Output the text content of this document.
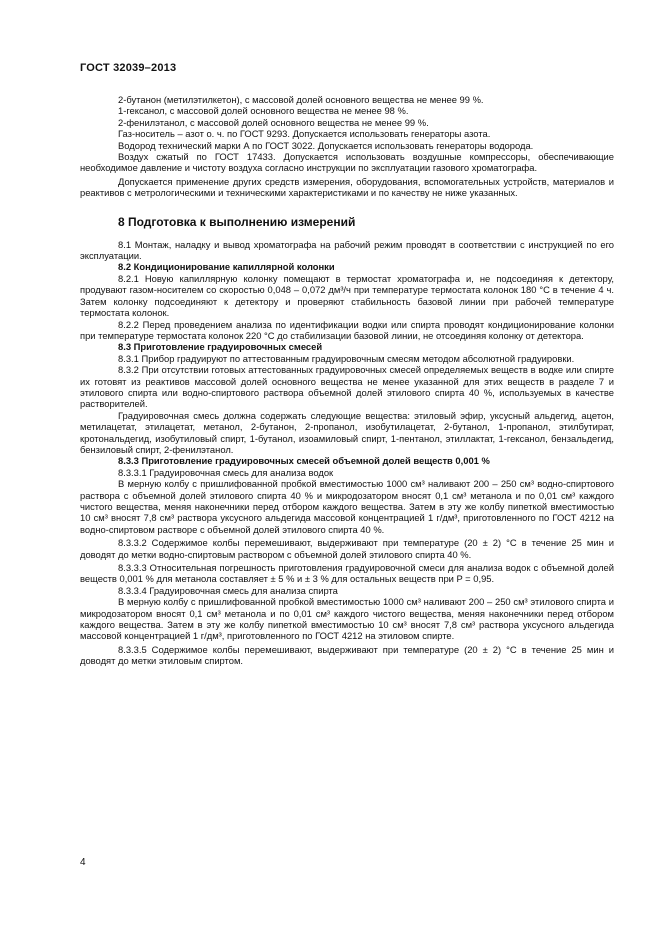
ГОСТ 32039–2013

2-бутанон (метилэтилкетон), с массовой долей основного вещества не менее 99 %.

1-гексанол, с массовой долей основного вещества не менее 98 %.

2-фенилэтанол, с массовой долей основного вещества не менее 99 %.

Газ-носитель – азот о. ч. по ГОСТ 9293. Допускается использовать генераторы азота.

Водород технический марки А по ГОСТ 3022. Допускается использовать генераторы водорода.

Воздух сжатый по ГОСТ 17433. Допускается использовать воздушные компрессоры, обеспечивающие необходимое давление и чистоту воздуха согласно инструкции по эксплуатации газового хроматографа.

Допускается применение других средств измерения, оборудования, вспомогательных устройств, материалов и реактивов с метрологическими и техническими характеристиками и по качеству не ниже указанных.

8 Подготовка к выполнению измерений

8.1 Монтаж, наладку и вывод хроматографа на рабочий режим проводят в соответствии с инструкцией по его эксплуатации.

8.2 Кондиционирование капиллярной колонки

8.2.1 Новую капиллярную колонку помещают в термостат хроматографа и, не подсоединяя к детектору, продувают газом-носителем со скоростью 0,048 – 0,072 дм³/ч при температуре термостата колонок 180 °С в течение 4 ч. Затем колонку подсоединяют к детектору и проверяют стабильность базовой линии при рабочей температуре термостата колонок.

8.2.2 Перед проведением анализа по идентификации водки или спирта проводят кондиционирование колонки при температуре термостата колонок 220 °С до стабилизации базовой линии, не отсоединяя колонку от детектора.

8.3 Приготовление градуировочных смесей

8.3.1 Прибор градуируют по аттестованным градуировочным смесям методом абсолютной градуировки.

8.3.2 При отсутствии готовых аттестованных градуировочных смесей определяемых веществ в водке или спирте их готовят из реактивов массовой долей основного вещества не менее указанной для этих веществ в разделе 7 и этилового спирта или водно-спиртового раствора объемной долей этилового спирта 40 %, используемых в качестве растворителей.

Градуировочная смесь должна содержать следующие вещества: этиловый эфир, уксусный альдегид, ацетон, метилацетат, этилацетат, метанол, 2-бутанон, 2-пропанол, изобутилацетат, 2-бутанол, 1-пропанол, этилбутират, кротональдегид, изобутиловый спирт, 1-бутанол, изоамиловый спирт, 1-пентанол, этиллактат, 1-гексанол, бензальдегид, бензиловый спирт, 2-фенилэтанол.

8.3.3 Приготовление градуировочных смесей объемной долей веществ 0,001 %

8.3.3.1 Градуировочная смесь для анализа водок

В мерную колбу с пришлифованной пробкой вместимостью 1000 см³ наливают 200 – 250 см³ водно-спиртового раствора с объемной долей этилового спирта 40 % и микродозатором вносят 0,1 см³ метанола и по 0,01 см³ каждого чистого вещества, меняя наконечники перед отбором каждого вещества. Затем в эту же колбу пипеткой вместимостью 10 см³ вносят 7,8 см³ раствора уксусного альдегида массовой концентрацией 1 г/дм³, приготовленного по ГОСТ 4212 на водно-спиртовом растворе с объемной долей этилового спирта 40 %.

8.3.3.2 Содержимое колбы перемешивают, выдерживают при температуре (20 ± 2) °С в течение 25 мин и доводят до метки водно-спиртовым раствором с объемной долей этилового спирта 40 %.

8.3.3.3 Относительная погрешность приготовления градуировочной смеси для анализа водок с объемной долей веществ 0,001 % для метанола составляет ± 5 % и ± 3 % для остальных веществ при P = 0,95.

8.3.3.4 Градуировочная смесь для анализа спирта

В мерную колбу с пришлифованной пробкой вместимостью 1000 см³ наливают 200 – 250 см³ этилового спирта и микродозатором вносят 0,1 см³ метанола и по 0,01 см³ каждого чистого вещества, меняя наконечники перед отбором каждого вещества. Затем в эту же колбу пипеткой вместимостью 10 см³ вносят 7,8 см³ раствора уксусного альдегида массовой концентрацией 1 г/дм³, приготовленного по ГОСТ 4212 на этиловом спирте.

8.3.3.5 Содержимое колбы перемешивают, выдерживают при температуре (20 ± 2) °С в течение 25 мин и доводят до метки этиловым спиртом.

4
